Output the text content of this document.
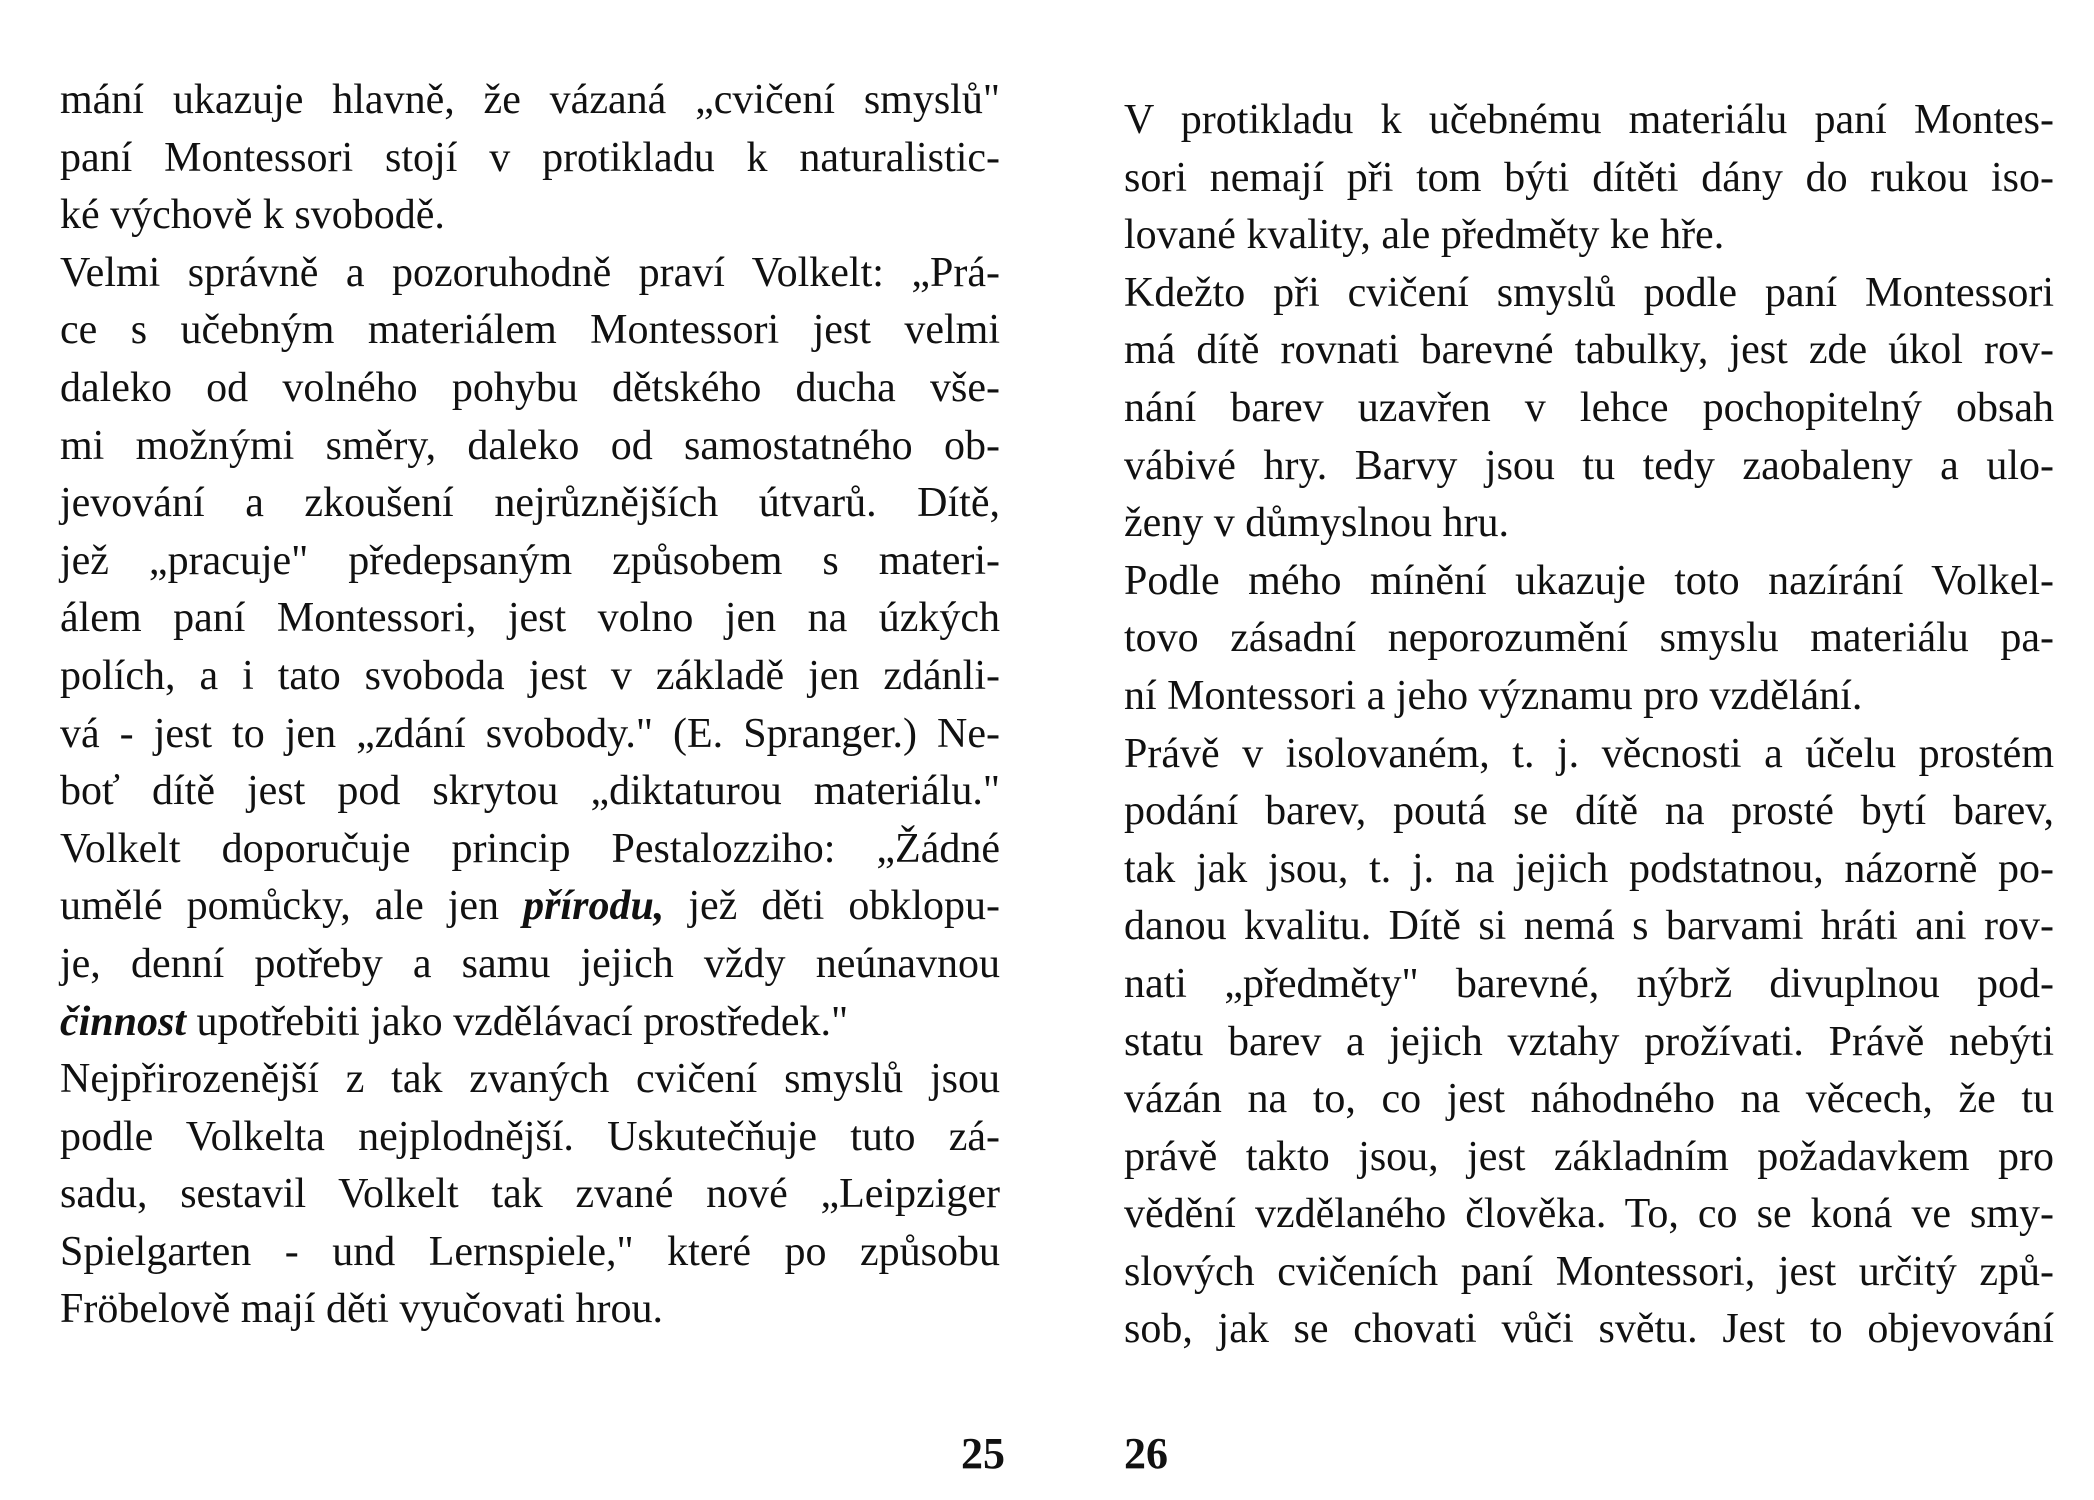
mání ukazuje hlavně, že vázaná „cvičení smyslů"
paní Montessori stojí v protikladu k naturalistic-
ké výchově k svobodě.
Velmi správně a pozoruhodně praví Volkelt: „Prá-
ce s učebným materiálem Montessori jest velmi
daleko od volného pohybu dětského ducha vše-
mi možnými směry, daleko od samostatného ob-
jevování a zkoušení nejrůznějších útvarů. Dítě,
jež „pracuje" předepsaným způsobem s materi-
álem paní Montessori, jest volno jen na úzkých
polích, a i tato svoboda jest v základě jen zdánli-
vá - jest to jen „zdání svobody." (E. Spranger.) Ne-
boť dítě jest pod skrytou „diktaturou materiálu."
Volkelt doporučuje princip Pestalozziho: „Žádné
umělé pomůcky, ale jen přírodu, jež děti obklopu-
je, denní potřeby a samu jejich vždy neúnavnou
činnost upotřebiti jako vzdělávací prostředek."
Nejpřirozenější z tak zvaných cvičení smyslů jsou
podle Volkelta nejplodnější. Uskutečňuje tuto zá-
sadu, sestavil Volkelt tak zvané nové „Leipziger
Spielgarten - und Lernspiele," které po způsobu
Fröbelově mají děti vyučovati hrou.
25
V protikladu k učebnému materiálu paní Montes-
sori nemají při tom býti dítěti dány do rukou iso-
lované kvality, ale předměty ke hře.
Kdežto při cvičení smyslů podle paní Montessori
má dítě rovnati barevné tabulky, jest zde úkol rov-
nání barev uzavřen v lehce pochopitelný obsah
vábivé hry. Barvy jsou tu tedy zaobaleny a ulo-
ženy v důmyslnou hru.
Podle mého mínění ukazuje toto nazírání Volkel-
tovo zásadní neporozumění smyslu materiálu pa-
ní Montessori a jeho významu pro vzdělání.
Právě v isolovaném, t. j. věcnosti a účelu prostém
podání barev, poutá se dítě na prosté bytí barev,
tak jak jsou, t. j. na jejich podstatnou, názorně po-
danou kvalitu. Dítě si nemá s barvami hráti ani rov-
nati „předměty" barevné, nýbrž divuplnou pod-
statu barev a jejich vztahy prožívati. Právě nebýti
vázán na to, co jest náhodného na věcech, že tu
právě takto jsou, jest základním požadavkem pro
vědění vzdělaného člověka. To, co se koná ve smy-
slových cvičeních paní Montessori, jest určitý způ-
sob, jak se chovati vůči světu. Jest to objevování
26
